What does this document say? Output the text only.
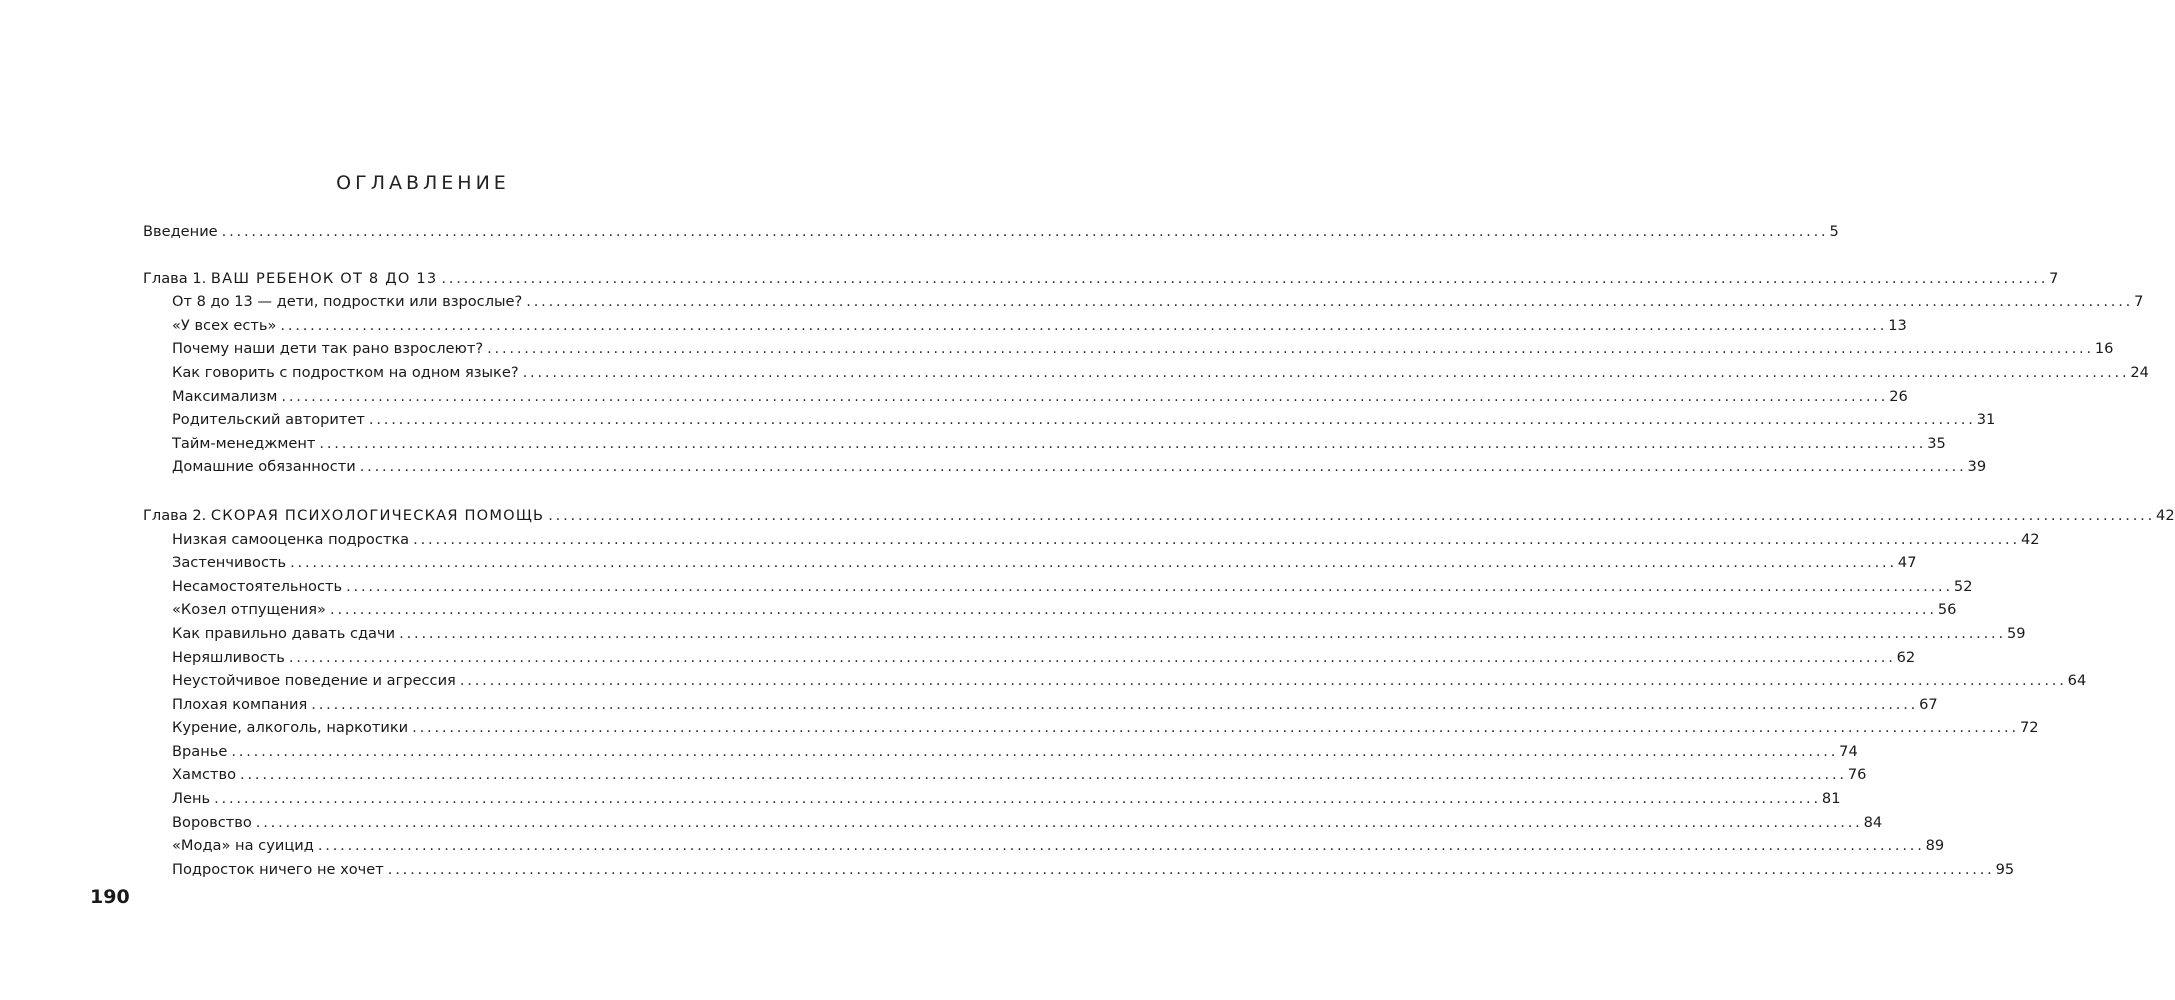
ОГЛАВЛЕНИЕ
Введение ........................................................................................................................................................................................................................ 5
Глава 1. ВАШ РЕБЕНОК ОТ 8 ДО 13 ........................................................................................................................................................................................................................ 7
От 8 до 13 — дети, подростки или взрослые? ........................................................................................................................................................................................................................ 7
«У всех есть» ........................................................................................................................................................................................................................ 13
Почему наши дети так рано взрослеют? ........................................................................................................................................................................................................................ 16
Как говорить с подростком на одном языке? ........................................................................................................................................................................................................................ 24
Максимализм ........................................................................................................................................................................................................................ 26
Родительский авторитет ........................................................................................................................................................................................................................ 31
Тайм-менеджмент ........................................................................................................................................................................................................................ 35
Домашние обязанности ........................................................................................................................................................................................................................ 39
Глава 2. СКОРАЯ ПСИХОЛОГИЧЕСКАЯ ПОМОЩЬ ........................................................................................................................................................................................................................ 42
Низкая самооценка подростка ........................................................................................................................................................................................................................ 42
Застенчивость ........................................................................................................................................................................................................................ 47
Несамостоятельность ........................................................................................................................................................................................................................ 52
«Козел отпущения» ........................................................................................................................................................................................................................ 56
Как правильно давать сдачи ........................................................................................................................................................................................................................ 59
Неряшливость ........................................................................................................................................................................................................................ 62
Неустойчивое поведение и агрессия ........................................................................................................................................................................................................................ 64
Плохая компания ........................................................................................................................................................................................................................ 67
Курение, алкоголь, наркотики ........................................................................................................................................................................................................................ 72
Вранье ........................................................................................................................................................................................................................ 74
Хамство ........................................................................................................................................................................................................................ 76
Лень ........................................................................................................................................................................................................................ 81
Воровство ........................................................................................................................................................................................................................ 84
«Мода» на суицид ........................................................................................................................................................................................................................ 89
Подросток ничего не хочет ........................................................................................................................................................................................................................ 95
190
